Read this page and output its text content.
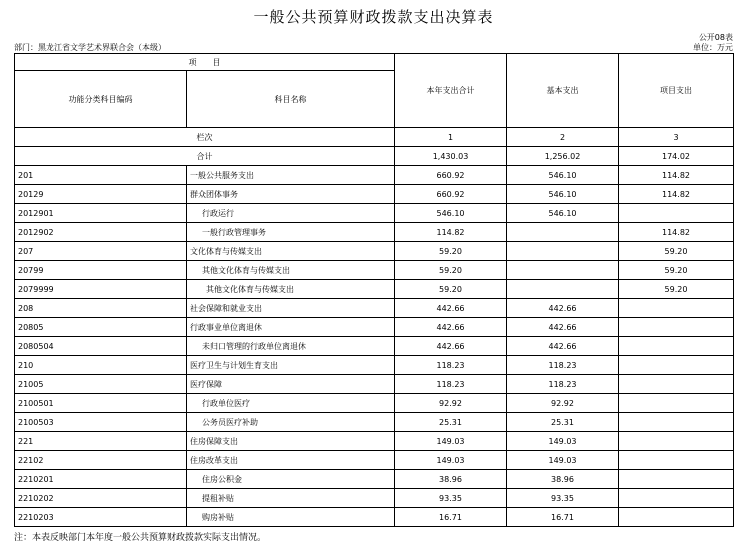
一般公共预算财政拨款支出决算表
公开08表
部门：黑龙江省文学艺术界联合会（本级）	单位：万元
项　　目		本年支出合计	基本支出	项目支出
功能分类科目编码	科目名称			
栏次		1	2	3
合计		1,430.03	1,256.02	174.02
201	一般公共服务支出	660.92	546.10	114.82
20129	群众团体事务	660.92	546.10	114.82
2012901	行政运行	546.10	546.10	
2012902	一般行政管理事务	114.82		114.82
207	文化体育与传媒支出	59.20		59.20
20799	其他文化体育与传媒支出	59.20		59.20
2079999	其他文化体育与传媒支出	59.20		59.20
208	社会保障和就业支出	442.66	442.66	
20805	行政事业单位离退休	442.66	442.66	
2080504	未归口管理的行政单位离退休	442.66	442.66	
210	医疗卫生与计划生育支出	118.23	118.23	
21005	医疗保障	118.23	118.23	
2100501	行政单位医疗	92.92	92.92	
2100503	公务员医疗补助	25.31	25.31	
221	住房保障支出	149.03	149.03	
22102	住房改革支出	149.03	149.03	
2210201	住房公积金	38.96	38.96	
2210202	提租补贴	93.35	93.35	
2210203	购房补贴	16.71	16.71	
注：本表反映部门本年度一般公共预算财政拨款实际支出情况。
